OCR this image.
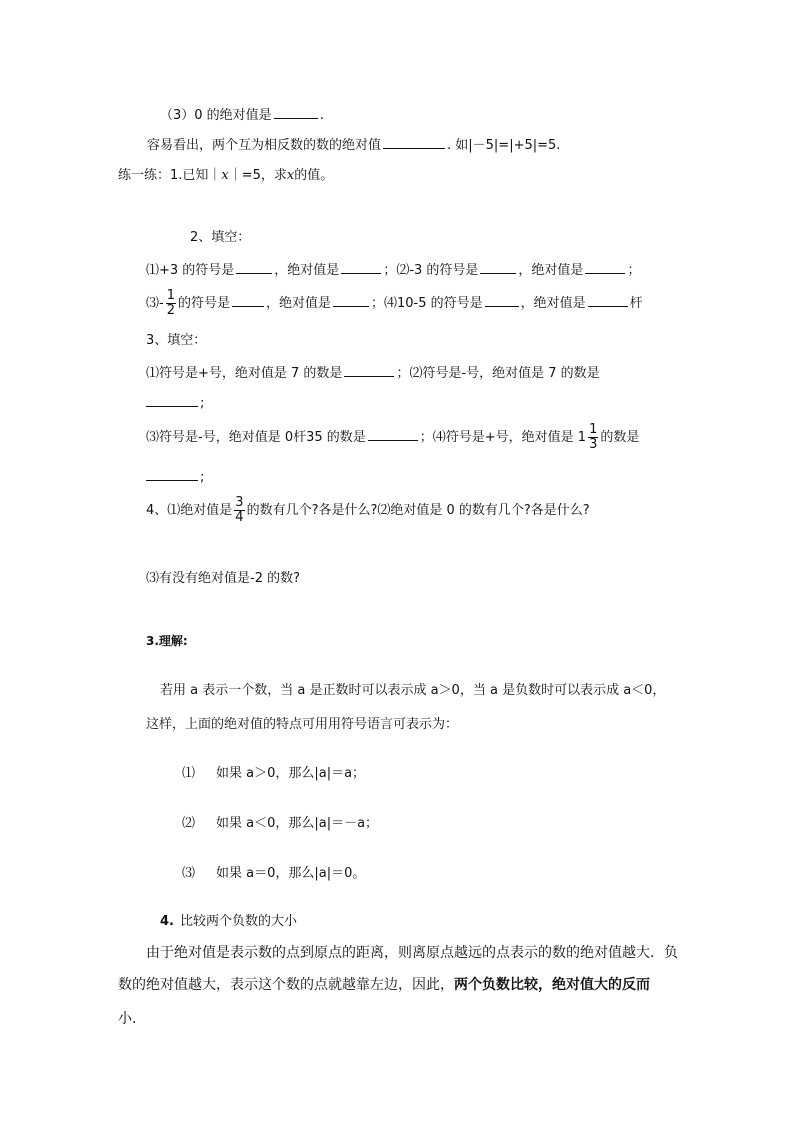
（3）0 的绝对值是	.
容易看出，两个互为相反数的数的绝对值	. 如|－5|=|+5|=5.
练一练：1.已知｜x｜=5，求x的值。
2、填空：
⑴+3 的符号是	，绝对值是	；⑵-3 的符号是	，绝对值是	；
⑶- $\frac{1}{2}$ 的符号是	，绝对值是	；⑷10-5 的符号是	，绝对值是	杆
3、填空：
⑴符号是+号，绝对值是 7 的数是	；⑵符号是-号，绝对值是 7 的数是
;
⑶符号是-号，绝对值是 0杆35 的数是	；⑷符号是+号，绝对值是 $1 \frac{1}{3}$ 的数是
;
4、⑴绝对值是 $\frac{3}{4}$ 的数有几个?各是什么?⑵绝对值是 0 的数有几个?各是什么?
⑶有没有绝对值是-2 的数?
3.理解:
若用 a 表示一个数，当 a 是正数时可以表示成 a＞0，当 a 是负数时可以表示成 a＜0，
这样，上面的绝对值的特点可用用符号语言可表示为：
⑴ 如果 a＞0，那么|a|＝a；
⑵ 如果 a＜0，那么|a|＝－a；
⑶ 如果 a＝0，那么|a|＝0。
4. 比较两个负数的大小
由于绝对值是表示数的点到原点的距离，则离原点越远的点表示的数的绝对值越大．负
数的绝对值越大，表示这个数的点就越靠左边，因此，两个负数比较，绝对值大的反而
小.
